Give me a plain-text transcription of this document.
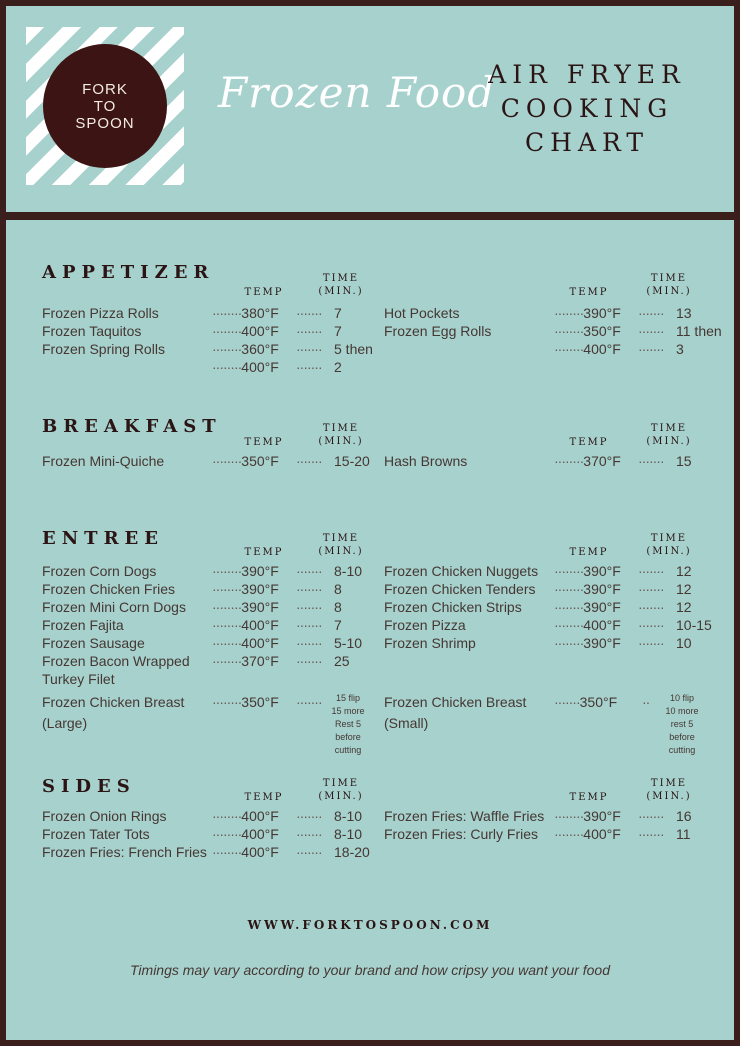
FORK
TO
SPOON
Frozen Food
AIR FRYER
COOKING
CHART
APPETIZER
BREAKFAST
ENTREE
SIDES
Frozen Chicken Breast
(Large)
········350°F ·······	15 flip
15 more
Rest 5
before
cutting
Frozen Chicken Breast
(Small)
·······350°F ··	10 flip
10 more
rest 5
before
cutting
WWW.FORKTOSPOON.COM
Timings may vary according to your brand and how cripsy you want your food
TEMP
TIME
(MIN.)
Frozen Pizza Rolls	········380°F ······· 7
Frozen Taquitos	········400°F ······· 7
Frozen Spring Rolls	········360°F ······· 5 then
········400°F ······· 2
TEMP
TIME
(MIN.)
Hot Pockets	········390°F ······· 13
Frozen Egg Rolls	········350°F ······· 11 then
········400°F ······· 3
TEMP
TIME
(MIN.)
Frozen Mini-Quiche	········350°F ······· 15-20
TEMP
TIME
(MIN.)
Hash Browns	········370°F ······· 15
TEMP
TIME
(MIN.)
Frozen Corn Dogs	········390°F ······· 8-10
Frozen Chicken Fries	········390°F ······· 8
Frozen Mini Corn Dogs ········390°F ······· 8
Frozen Fajita	········400°F ······· 7
Frozen Sausage	········400°F ······· 5-10
Frozen Bacon Wrapped ········370°F ······· 25
Turkey Filet
TEMP
TIME
(MIN.)
Frozen Chicken Nuggets ········390°F ······· 12
Frozen Chicken Tenders ········390°F ······· 12
Frozen Chicken Strips ········390°F ······· 12
Frozen Pizza	········400°F ······· 10-15
Frozen Shrimp	········390°F ······· 10
TEMP
TIME
(MIN.)
Frozen Onion Rings	········400°F ······· 8-10
Frozen Tater Tots	········400°F ······· 8-10
Frozen Fries: French Fries ········400°F ······· 18-20
TEMP
TIME
(MIN.)
Frozen Fries: Waffle Fries ········390°F ······· 16
Frozen Fries: Curly Fries ········400°F ······· 11
